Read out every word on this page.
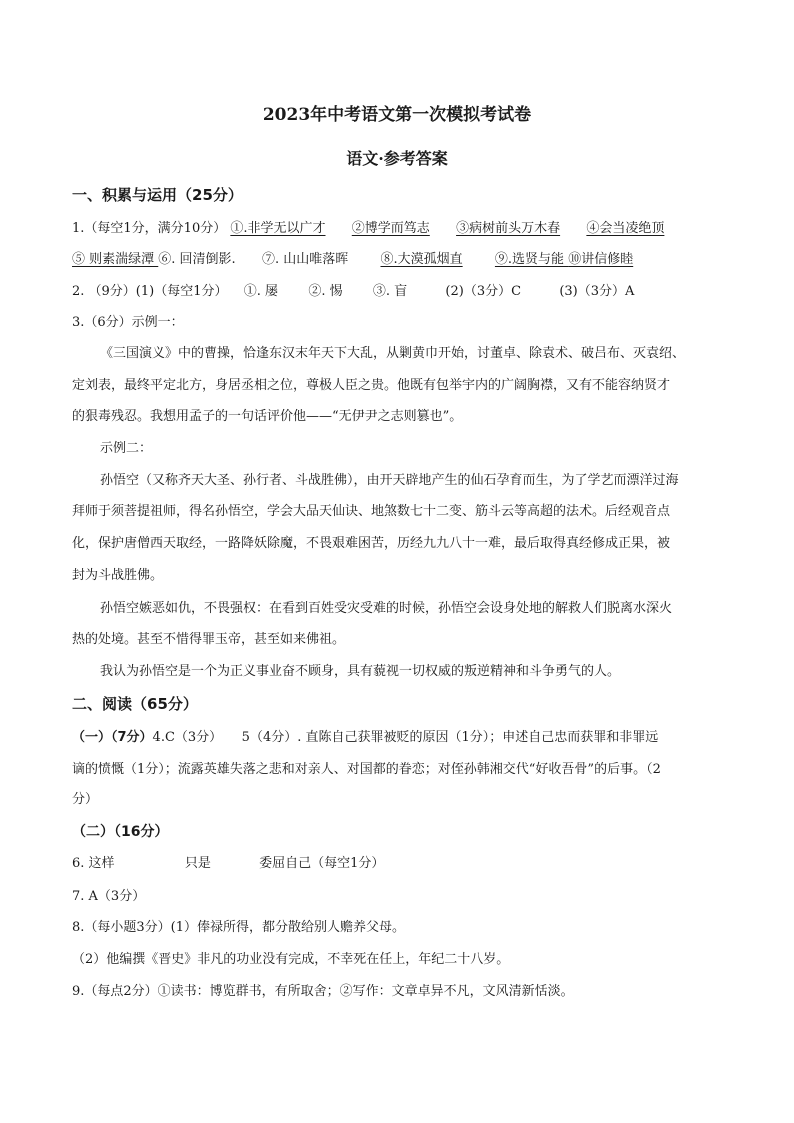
2023年中考语文第一次模拟考试卷
语文·参考答案
一、积累与运用（25分）
1.（每空1分，满分10分） ①.非学无以广才 ②博学而笃志 ③病树前头万木春 ④会当凌绝顶
⑤ 则素湍绿潭 ⑥. 回清倒影. ⑦. 山山唯落晖 ⑧.大漠孤烟直 ⑨.选贤与能 ⑩讲信修睦
2. （9分）(1)（每空1分） ①. 屡 ②. 惕 ③. 盲	(2)（3分）C	(3)（3分）A
3.（6分）示例一：
《三国演义》中的曹操，恰逢东汉末年天下大乱，从剿黄巾开始，讨董卓、除袁术、破吕布、灭袁绍、
定刘表，最终平定北方，身居丞相之位，尊极人臣之贵。他既有包举宇内的广阔胸襟，又有不能容纳贤才
的狠毒残忍。我想用孟子的一句话评价他——“无伊尹之志则篡也”。
示例二：
孙悟空（又称齐天大圣、孙行者、斗战胜佛），由开天辟地产生的仙石孕育而生，为了学艺而漂洋过海
拜师于须菩提祖师，得名孙悟空，学会大品天仙诀、地煞数七十二变、筋斗云等高超的法术。后经观音点
化，保护唐僧西天取经，一路降妖除魔，不畏艰难困苦，历经九九八十一难，最后取得真经修成正果，被
封为斗战胜佛。
孙悟空嫉恶如仇，不畏强权：在看到百姓受灾受难的时候，孙悟空会设身处地的解救人们脱离水深火
热的处境。甚至不惜得罪玉帝，甚至如来佛祖。
我认为孙悟空是一个为正义事业奋不顾身，具有藐视一切权威的叛逆精神和斗争勇气的人。
二、阅读（65分）
（一）（7分）4.C（3分）　　5（4分）. 直陈自己获罪被贬的原因（1分）；申述自己忠而获罪和非罪远
谪的愤慨（1分）；流露英雄失落之悲和对亲人、对国都的眷恋；对侄孙韩湘交代“好收吾骨”的后事。（2
分）
（二）（16分）
6. 这样	只是	委屈自己（每空1分）
7. A（3分）
8.（每小题3分）(1）俸禄所得，都分散给别人赡养父母。
（2）他编撰《晋史》非凡的功业没有完成，不幸死在任上，年纪二十八岁。
9.（每点2分）①读书：博览群书，有所取舍；②写作：文章卓异不凡，文风清新恬淡。
